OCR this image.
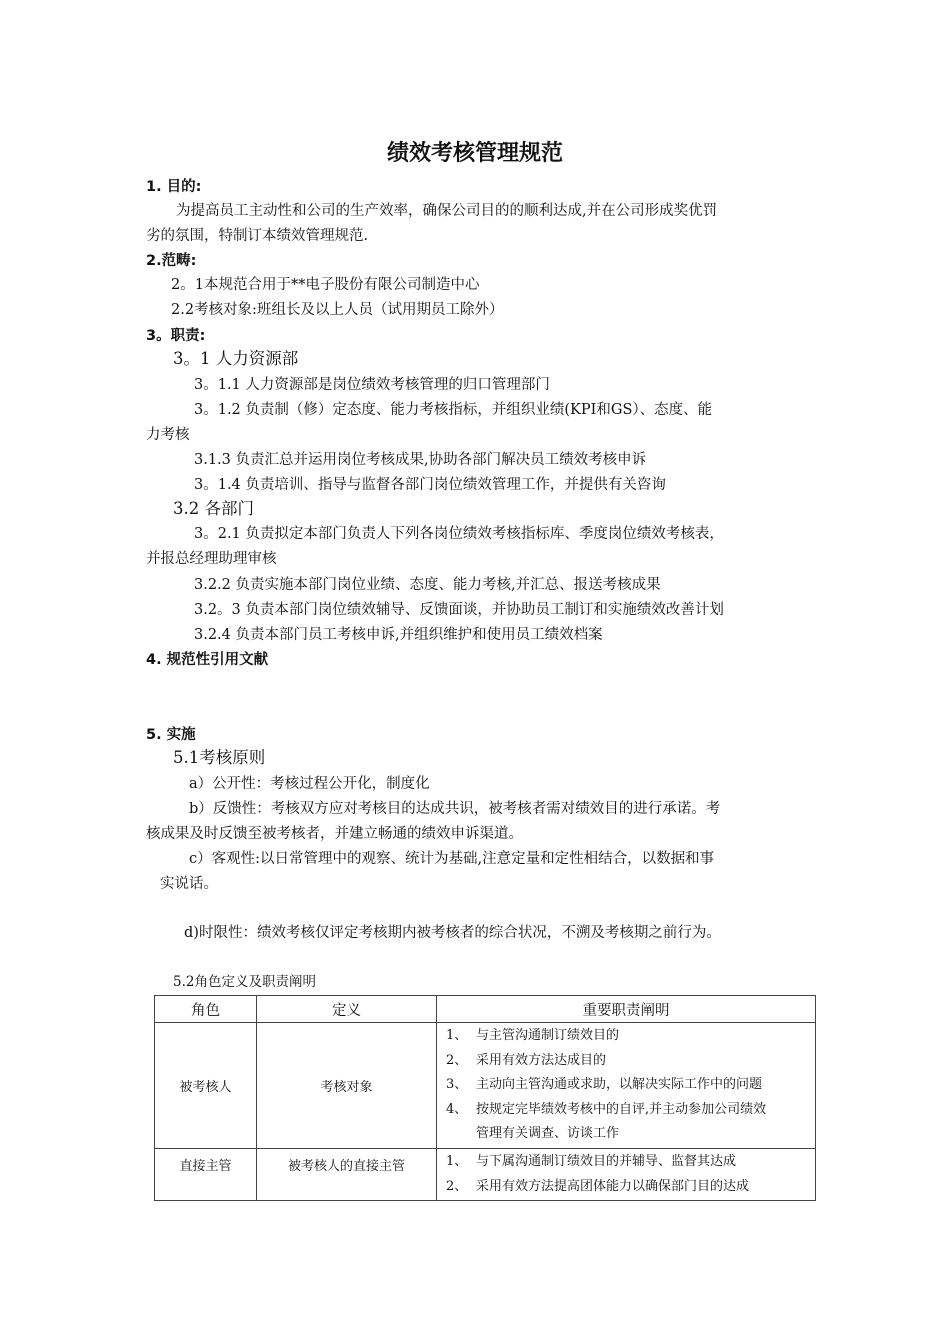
绩效考核管理规范
1. 目的:
为提高员工主动性和公司的生产效率，确保公司目的的顺利达成,并在公司形成奖优罚
劣的氛围，特制订本绩效管理规范.
2.范畴:
2。1本规范合用于**电子股份有限公司制造中心
2.2考核对象:班组长及以上人员（试用期员工除外）
3。职责:
3。1 人力资源部
3。1.1 人力资源部是岗位绩效考核管理的归口管理部门
3。1.2 负责制（修）定态度、能力考核指标，并组织业绩(KPI和GS）、态度、能
力考核
3.1.3 负责汇总并运用岗位考核成果,协助各部门解决员工绩效考核申诉
3。1.4 负责培训、指导与监督各部门岗位绩效管理工作，并提供有关咨询
3.2 各部门
3。2.1 负责拟定本部门负责人下列各岗位绩效考核指标库、季度岗位绩效考核表，
并报总经理助理审核
3.2.2 负责实施本部门岗位业绩、态度、能力考核,并汇总、报送考核成果
3.2。3 负责本部门岗位绩效辅导、反馈面谈，并协助员工制订和实施绩效改善计划
3.2.4 负责本部门员工考核申诉,并组织维护和使用员工绩效档案
4. 规范性引用文献
5. 实施
5.1考核原则
a）公开性：考核过程公开化，制度化
b）反馈性：考核双方应对考核目的达成共识，被考核者需对绩效目的进行承诺。考
核成果及时反馈至被考核者，并建立畅通的绩效申诉渠道。
c）客观性:以日常管理中的观察、统计为基础,注意定量和定性相结合，以数据和事
实说话。
d)时限性：绩效考核仅评定考核期内被考核者的综合状况，不溯及考核期之前行为。
5.2角色定义及职责阐明
角色	定义	重要职责阐明
被考核人	考核对象	1、 与主管沟通制订绩效目的
2、 采用有效方法达成目的
3、 主动向主管沟通或求助，以解决实际工作中的问题
4、 按规定完毕绩效考核中的自评,并主动参加公司绩效
管理有关调查、访谈工作

直接主管	被考核人的直接主管	1、 与下属沟通制订绩效目的并辅导、监督其达成
2、 采用有效方法提高团体能力以确保部门目的达成
